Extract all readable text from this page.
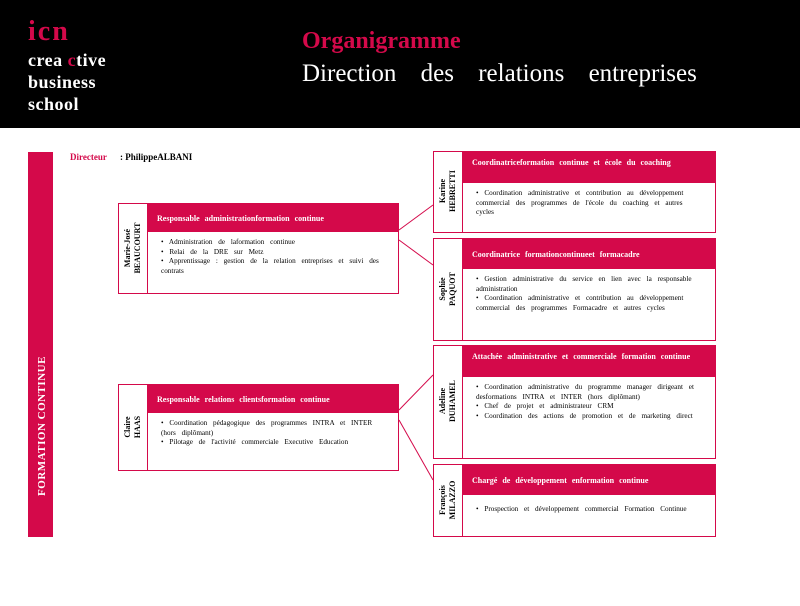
icn
crea ctive
business
school
Organigramme
Direction des relations entreprises
FORMATION CONTINUE
Directeur : PhilippeALBANI
Marie-José
BEAUCOURT
Responsable administrationformation continue
• Administration de laformation continue
• Relai de la DRE sur Metz
• Apprentissage : gestion de la relation entreprises et suivi des contrats
Claire
HAAS
Responsable relations clientsformation continue
• Coordination pédagogique des programmes INTRA et INTER (hors diplômant)
• Pilotage de l'activité commerciale Executive Education
Karine
HEBRETTI
Coordinatriceformation continue et école du coaching
• Coordination administrative et contribution au développement commercial des programmes de l'école du coaching et autres cycles
Sophie
PAQUOT
Coordinatrice formationcontinueet formacadre
• Gestion administrative du service en lien avec la responsable administration
• Coordination administrative et contribution au développement commercial des programmes Formacadre et autres cycles
Adeline
DUHAMEL
Attachée administrative et commerciale formation continue
• Coordination administrative du programme manager dirigeant et desformations INTRA et INTER (hors diplômant)
• Chef de projet et administrateur CRM
• Coordination des actions de promotion et de marketing direct
François
MILAZZO	Chargé de développement enformation continue
• Prospection et développement commercial Formation Continue
